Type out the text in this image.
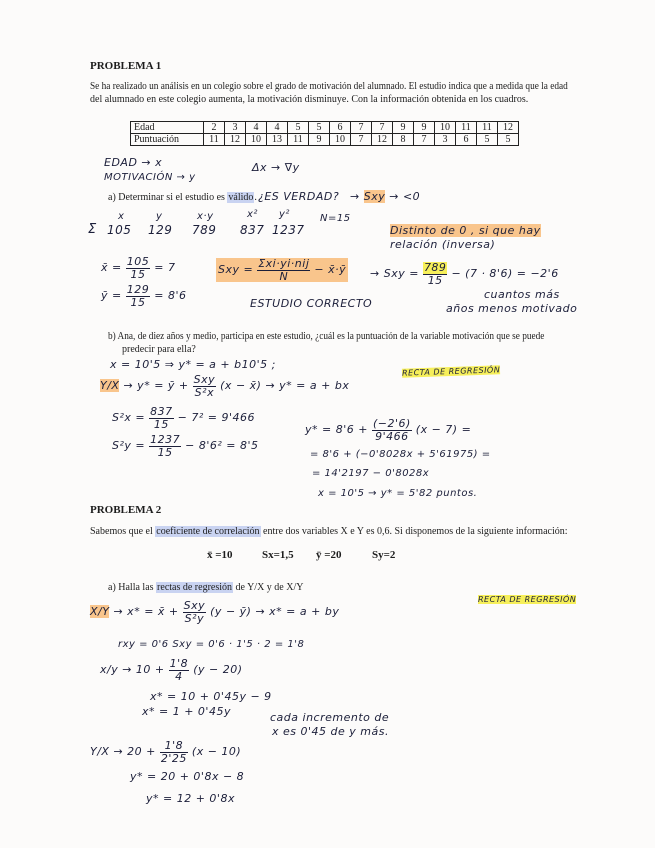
PROBLEMA 1
Se ha realizado un análisis en un colegio sobre el grado de motivación del alumnado. El estudio indica que a medida que la edad
del alumnado en este colegio aumenta, la motivación disminuye. Con la información obtenida en los cuadros.
Edad	2	3	4	4	5	5	6	7	7	9	9	10	11	11	12
Puntuación	11	12	10	13	11	9	10	7	12	8	7	3	6	5	5
EDAD → x
MOTIVACIÓN → y
Δx → ∇y
a) Determinar si el estudio es válido. ¿ES VERDAD? → Sxy → <0
x	y	x·y	x² y²
Σ 105 129 789 837 1237
N=15
Distinto de 0 , si que hay
relación (inversa)
x̄ = $\frac{105}{15} = 7$
ȳ = $\frac{129}{15} = 8'6$
Sxy = Σxi·yi·nij
N	− x̄·ȳ → Sxy = $\frac{789}{15} - (7 \cdot 8'6) = -2'6$
ESTUDIO CORRECTO
cuantos más
años menos motivado
b) Ana, de diez años y medio, participa en este estudio, ¿cuál es la puntuación de la variable motivación que se puede
predecir para ella?
x = 10'5 ⇒ y* = a + b10'5 ;
Y/X → y* = ȳ + Sxy
S²x (x − x̄) → y* = a + bx
RECTA DE REGRESIÓN
$S^2x = \frac{837}{15} - 7^2 = 9'466$
$S^2y = \frac{1237}{15} - 8'6^2 = 8'5$
$y* = 8'6 + \frac{(-2'6)}{9'466} (x - 7)$ =
= 8'6 + (−0'8028x + 5'61975) =
= 14'2197 − 0'8028x
x = 10'5 → y* = 5'82 puntos.
PROBLEMA 2
Sabemos que el coeficiente de correlación entre dos variables X e Y es 0,6. Si disponemos de la siguiente información:
x̄ =10	Sx=1,5 ȳ =20	Sy=2
a) Halla las rectas de regresión de Y/X y de X/Y
X/Y → x* = x̄ + Sxy
S²y (y − ȳ) → x* = a + by
RECTA DE REGRESIÓN
rxy = 0'6 Sxy = 0'6 · 1'5 · 2 = 1'8
$x/y \to 10 + \frac{1'8}{4} (y - 20)$
x* = 10 + 0'45y − 9
x* = 1 + 0'45y	cada incremento de
x es 0'45 de y más.
$Y/X \to 20 + \frac{1'8}{2'25} (x - 10)$
y* = 20 + 0'8x − 8
y* = 12 + 0'8x
